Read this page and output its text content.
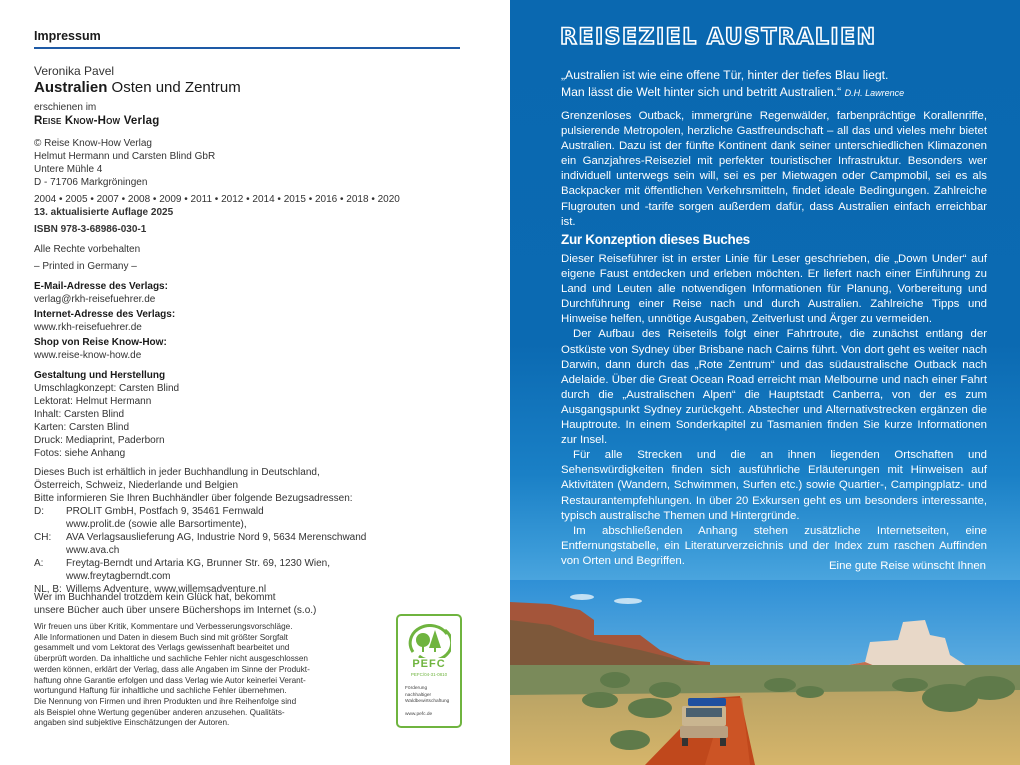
Impressum
Veronika Pavel
Australien Osten und Zentrum
erschienen im
Reise Know-How Verlag
© Reise Know-How Verlag
Helmut Hermann und Carsten Blind GbR
Untere Mühle 4
D - 71706 Markgröningen
2004 • 2005 • 2007 • 2008 • 2009 • 2011 • 2012 • 2014 • 2015 • 2016 • 2018 • 2020
13. aktualisierte Auflage 2025
ISBN 978-3-68986-030-1
Alle Rechte vorbehalten
– Printed in Germany –
E-Mail-Adresse des Verlags:
verlag@rkh-reisefuehrer.de
Internet-Adresse des Verlags:
www.rkh-reisefuehrer.de
Shop von Reise Know-How:
www.reise-know-how.de
Gestaltung und Herstellung
Umschlagkonzept: Carsten Blind
Lektorat: Helmut Hermann
Inhalt: Carsten Blind
Karten: Carsten Blind
Druck: Mediaprint, Paderborn
Fotos: siehe Anhang
Dieses Buch ist erhältlich in jeder Buchhandlung in Deutschland,
Österreich, Schweiz, Niederlande und Belgien
Bitte informieren Sie Ihren Buchhändler über folgende Bezugsadressen:
D:	PROLIT GmbH, Postfach 9, 35461 Fernwald
www.prolit.de (sowie alle Barsortimente),
CH:	AVA Verlagsauslieferung AG, Industrie Nord 9, 5634 Merenschwand
www.ava.ch
A:	Freytag-Berndt und Artaria KG, Brunner Str. 69, 1230 Wien,
www.freytagberndt.com
NL, B: Willems Adventure, www.willemsadventure.nl
Wer im Buchhandel trotzdem kein Glück hat, bekommt
unsere Bücher auch über unsere Büchershops im Internet (s.o.)
Wir freuen uns über Kritik, Kommentare und Verbesserungsvorschläge.
Alle Informationen und Daten in diesem Buch sind mit größter Sorgfalt
gesammelt und vom Lektorat des Verlags gewissenhaft bearbeitet und
überprüft worden. Da inhaltliche und sachliche Fehler nicht ausgeschlossen
werden können, erklärt der Verlag, dass alle Angaben im Sinne der Produkt-
haftung ohne Garantie erfolgen und dass Verlag wie Autor keinerlei Verant-
wortungund Haftung für inhaltliche und sachliche Fehler übernehmen.
Die Nennung von Firmen und ihren Produkten und ihre Reihenfolge sind
als Beispiel ohne Wertung gegenüber anderen anzusehen. Qualitäts-
angaben sind subjektive Einschätzungen der Autoren.
PEFC
PEFC/04-31-0810
Förderung
nachhaltiger
Waldbewirtschaftung
www.pefc.de
REISEZIEL AUSTRALIEN
„Australien ist wie eine offene Tür, hinter der tiefes Blau liegt.
Man lässt die Welt hinter sich und betritt Australien.“ D.H. Lawrence
Grenzenloses Outback, immergrüne Regenwälder, farbenprächtige Korallenriffe, pulsierende Metropolen, herzliche Gastfreundschaft – all das und vieles mehr bietet Australien. Dazu ist der fünfte Kontinent dank seiner unterschiedlichen Klimazonen ein Ganzjahres-Reiseziel mit perfekter touristischer Infrastruktur. Besonders wer individuell unterwegs sein will, sei es per Mietwagen oder Campmobil, sei es als Backpacker mit öffentlichen Verkehrsmitteln, findet ideale Bedingungen. Zahlreiche Flugrouten und -tarife sorgen außerdem dafür, dass Australien einfach erreichbar ist.
Zur Konzeption dieses Buches
Dieser Reiseführer ist in erster Linie für Leser geschrieben, die „Down Under“ auf eigene Faust entdecken und erleben möchten. Er liefert nach einer Einführung zu Land und Leuten alle notwendigen Informationen für Planung, Vorbereitung und Durchführung einer Reise nach und durch Australien. Zahlreiche Tipps und Hinweise helfen, unnötige Ausgaben, Zeitverlust und Ärger zu vermeiden.
Der Aufbau des Reiseteils folgt einer Fahrtroute, die zunächst entlang der Ostküste von Sydney über Brisbane nach Cairns führt. Von dort geht es weiter nach Darwin, dann durch das „Rote Zentrum“ und das südaustralische Outback nach Adelaide. Über die Great Ocean Road erreicht man Melbourne und nach einer Fahrt durch die „Australischen Alpen“ die Hauptstadt Canberra, von der es zum Ausgangspunkt Sydney zurückgeht. Abstecher und Alternativstrecken ergänzen die Hauptroute. In einem Sonderkapitel zu Tasmanien finden Sie kurze Informationen zur Insel.
Für alle Strecken und die an ihnen liegenden Ortschaften und Sehenswürdigkeiten finden sich ausführliche Erläuterungen mit Hinweisen auf Aktivitäten (Wandern, Schwimmen, Surfen etc.) sowie Quartier-, Campingplatz- und Restaurantempfehlungen. In über 20 Exkursen geht es um besonders interessante, typisch australische Themen und Hintergründe.
Im abschließenden Anhang stehen zusätzliche Internetseiten, eine Entfernungstabelle, ein Literaturverzeichnis und der Index zum raschen Auffinden von Orten und Begriffen.	Eine gute Reise wünscht Ihnen
